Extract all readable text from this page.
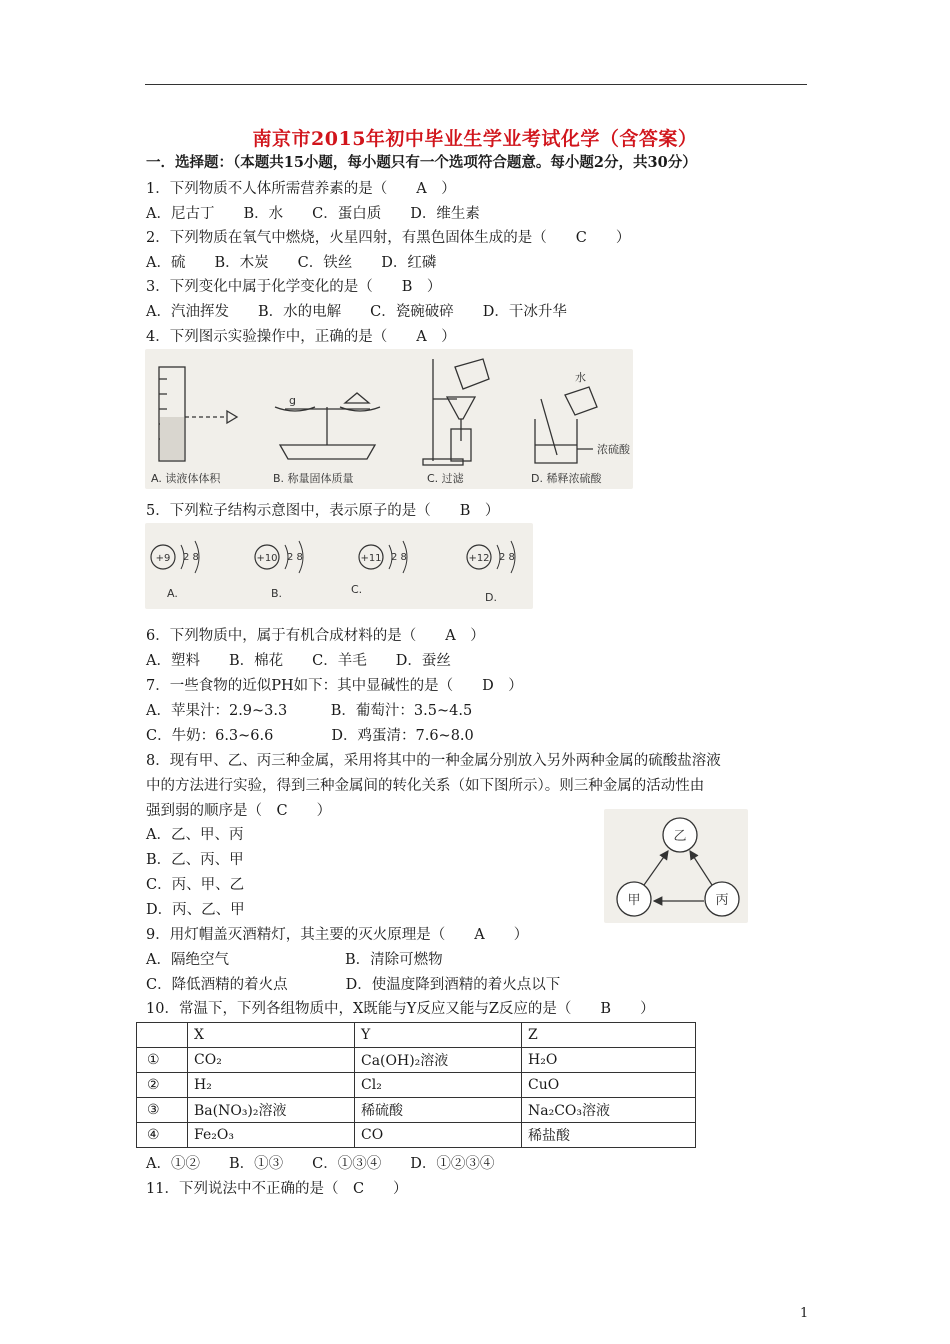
南京市2015年初中毕业生学业考试化学（含答案）
一．选择题：（本题共15小题，每小题只有一个选项符合题意。每小题2分，共30分）
1．下列物质不人体所需营养素的是（　　A　）
A．尼古丁　　B．水　　C．蛋白质　　D．维生素
2．下列物质在氧气中燃烧，火星四射，有黑色固体生成的是（　　C　　）
A．硫　　B．木炭　　C．铁丝　　D．红磷
3．下列变化中属于化学变化的是（　　B　）
A．汽油挥发　　B．水的电解　　C．瓷碗破碎　　D．干冰升华
4．下列图示实验操作中，正确的是（　　A　）
g
水
浓硫酸
A. 读液体体积	B. 称量固体质量	C. 过滤	D. 稀释浓硫酸
5．下列粒子结构示意图中，表示原子的是（　　B　）
+9 2 8
A.
+10 2 8
B.
+11 2 8
C.
+12 2 8
D.
6．下列物质中，属于有机合成材料的是（　　A　）
A．塑料　　B．棉花　　C．羊毛　　D．蚕丝
7．一些食物的近似PH如下：其中显碱性的是（　　D　）
A．苹果汁：2.9~3.3　　　B．葡萄汁：3.5~4.5
C．牛奶：6.3~6.6　　　　D．鸡蛋清：7.6~8.0
8．现有甲、乙、丙三种金属，采用将其中的一种金属分别放入另外两种金属的硫酸盐溶液
中的方法进行实验，得到三种金属间的转化关系（如下图所示）。则三种金属的活动性由
强到弱的顺序是（　C　　）
A．乙、甲、丙
B．乙、丙、甲
C．丙、甲、乙
D．丙、乙、甲
乙
甲	丙
9．用灯帽盖灭酒精灯，其主要的灭火原理是（　　A　　）
A．隔绝空气　　　　　　　　B．清除可燃物
C．降低酒精的着火点　　　　D．使温度降到酒精的着火点以下
10．常温下，下列各组物质中，X既能与Y反应又能与Z反应的是（　　B　　）
	X	Y	Z
①	CO₂	Ca(OH)₂溶液	H₂O
②	H₂	Cl₂	CuO
③	Ba(NO₃)₂溶液	稀硫酸	Na₂CO₃溶液
④	Fe₂O₃	CO	稀盐酸
A．①②　　B．①③　　C．①③④　　D．①②③④
11．下列说法中不正确的是（　C　　）
1
